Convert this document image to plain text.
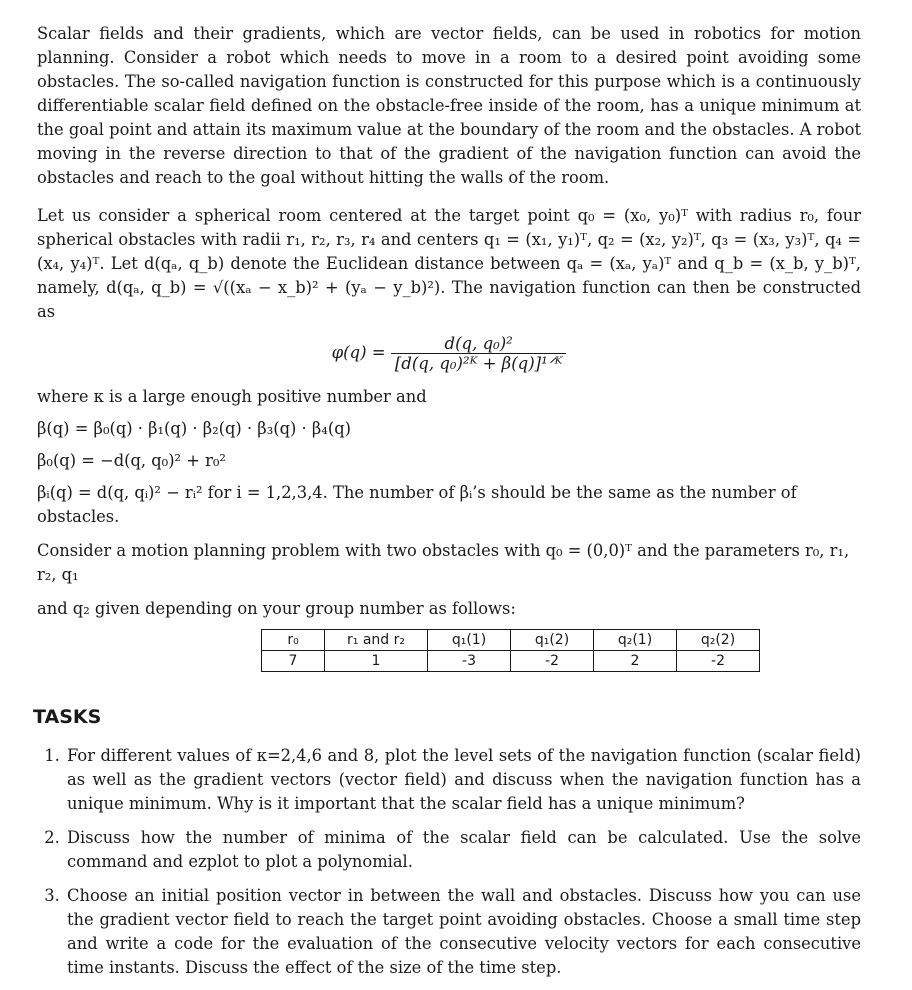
Scalar fields and their gradients, which are vector fields, can be used in robotics for motion planning. Consider a robot which needs to move in a room to a desired point avoiding some obstacles. The so-called navigation function is constructed for this purpose which is a continuously differentiable scalar field defined on the obstacle-free inside of the room, has a unique minimum at the goal point and attain its maximum value at the boundary of the room and the obstacles. A robot moving in the reverse direction to that of the gradient of the navigation function can avoid the obstacles and reach to the goal without hitting the walls of the room.

Let us consider a spherical room centered at the target point q₀ = (x₀, y₀)ᵀ with radius r₀, four spherical obstacles with radii r₁, r₂, r₃, r₄ and centers q₁ = (x₁, y₁)ᵀ, q₂ = (x₂, y₂)ᵀ, q₃ = (x₃, y₃)ᵀ, q₄ = (x₄, y₄)ᵀ. Let d(qₐ, q_b) denote the Euclidean distance between qₐ = (xₐ, yₐ)ᵀ and q_b = (x_b, y_b)ᵀ, namely, d(qₐ, q_b) = √((xₐ − x_b)² + (yₐ − y_b)²). The navigation function can then be constructed as

$\varphi(q) = \frac{\text{d(q, q₀)²}}{\text{[d(q, q₀)²ᴷ + β(q)]¹ᐟᴷ}}$

where κ is a large enough positive number and

β(q) = β₀(q) · β₁(q) · β₂(q) · β₃(q) · β₄(q)

β₀(q) = −d(q, q₀)² + r₀²

βᵢ(q) = d(q, qᵢ)² − rᵢ² for i = 1,2,3,4. The number of βᵢ’s should be the same as the number of obstacles.

Consider a motion planning problem with two obstacles with q₀ = (0,0)ᵀ and the parameters r₀, r₁, r₂, q₁

and q₂ given depending on your group number as follows:

r₀	r₁ and r₂	q₁(1)	q₁(2)	q₂(1)	q₂(2)
7	1	-3	-2	2	-2
TASKS
1. For different values of κ=2,4,6 and 8, plot the level sets of the navigation function (scalar field) as well as the gradient vectors (vector field) and discuss when the navigation function has a unique minimum. Why is it important that the scalar field has a unique minimum?
2. Discuss how the number of minima of the scalar field can be calculated. Use the solve command and ezplot to plot a polynomial.
3. Choose an initial position vector in between the wall and obstacles. Discuss how you can use the gradient vector field to reach the target point avoiding obstacles. Choose a small time step and write a code for the evaluation of the consecutive velocity vectors for each consecutive time instants. Discuss the effect of the size of the time step.
